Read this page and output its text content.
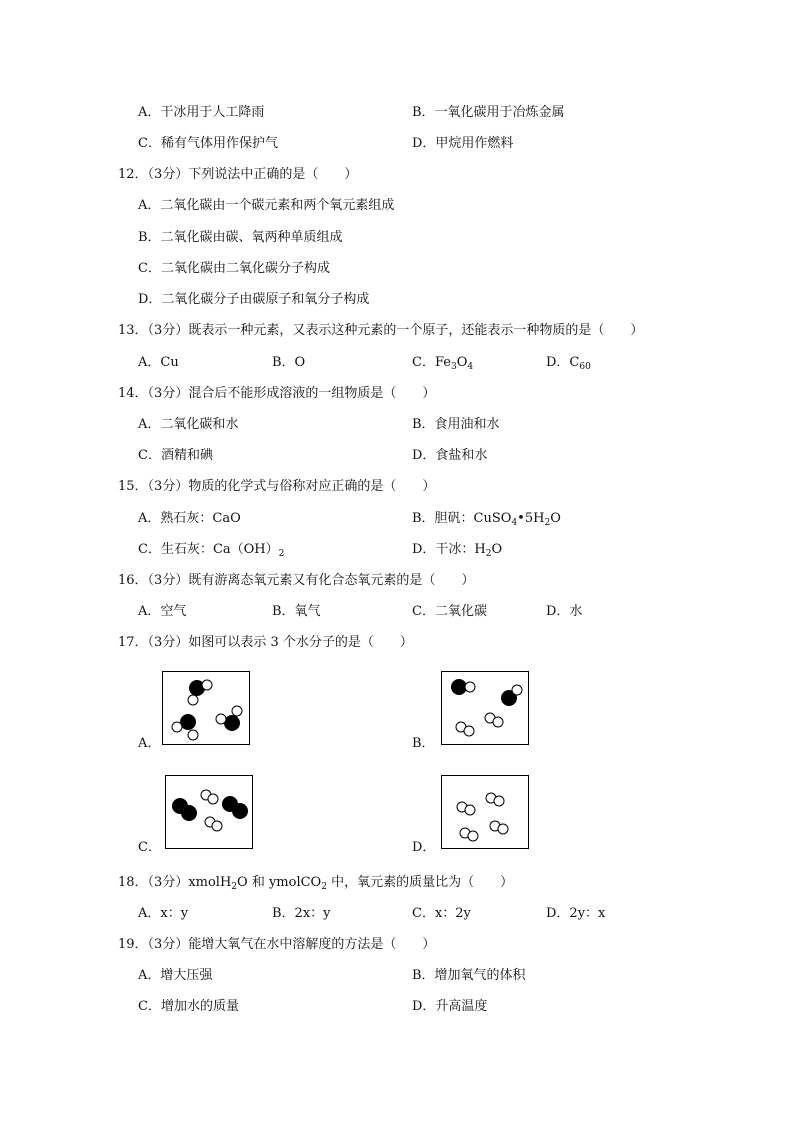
A．干冰用于人工降雨	B．一氧化碳用于冶炼金属
C．稀有气体用作保护气	D．甲烷用作燃料
12．（3分）下列说法中正确的是（　　）
A．二氧化碳由一个碳元素和两个氧元素组成
B．二氧化碳由碳、氧两种单质组成
C．二氧化碳由二氧化碳分子构成
D．二氧化碳分子由碳原子和氧分子构成
13．（3分）既表示一种元素，又表示这种元素的一个原子，还能表示一种物质的是（　　）
A．Cu	B．O	C．$Fe_3O_4$	D．$C_{60}$
14．（3分）混合后不能形成溶液的一组物质是（　　）
A．二氧化碳和水	B．食用油和水
C．酒精和碘	D．食盐和水
15．（3分）物质的化学式与俗称对应正确的是（　　）
A．熟石灰：CaO	B．胆矾：$CuSO_4•5H_2O$
C．生石灰：$Ca(OH)_2$	D．干冰：$H_2O$
16．（3分）既有游离态氧元素又有化合态氧元素的是（　　）
A．空气	B．氧气	C．二氧化碳	D．水
17．（3分）如图可以表示 3 个水分子的是（　　）
A．	B．
C．	D．
18．（3分）xmolH$_2$O 和 ymolCO$_2$ 中，氧元素的质量比为（　　）
A．x：y	B．2x：y	C．x：2y	D．2y：x
19．（3分）能增大氧气在水中溶解度的方法是（　　）
A．增大压强	B．增加氧气的体积
C．增加水的质量	D．升高温度
